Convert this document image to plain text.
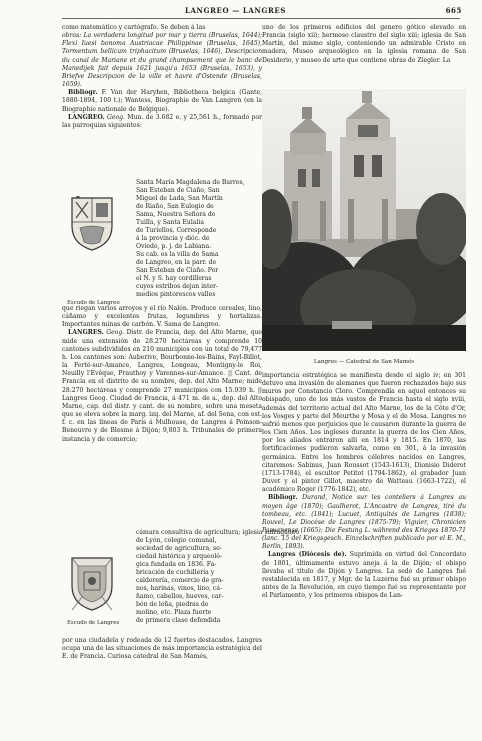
LANGREO — LANGRES	665

como matemático y cartógrafo. Se deben á las

obras: La verdadera longitud por mar y tierra (Bruselas, 1644); Flexi Iuesi bonoma Austriacae Philippinae (Bruselas, 1645), Tormentum bellicum triphacitum (Bruselas, 1646), Descripcion du canal de Mariane et du grand champsement que le banc de Manedijek fait depuis 1621 jusqu'a 1653 (Bruselas, 1653), y Briefve Descripcion de la ville et havre d'Ostende (Bruselas, 1659).

Bibliogr. F. Van der Haryhen, Bibliotheca belgica (Gante, 1880-1894, 100 t.); Wantess, Biographie de Van Langren (en la Biographie nationale de Belgique).

LANGREO. Geog. Mun. de 3.682 e. y 25,561 h., formado por las parroquias siguientes:

Escudo de Langreo
Santa María Magdalena de Barros,
San Esteban de Ciaño, San
Miguel de Lada, San Martín
de Riaño, San Eulogio de
Sama, Nuestra Señora de
Tuilla, y Santa Eulalia
de Turiellos. Corresponde
á la provincia y dióc. de
Oviedo, p. j. de Labiana.
Su cab. es la villa de Sama
de Langreo, en la parr. de
San Esteban de Ciaño. Por
el N. y S. hay cordilleras
cuyos estribos dejan inter-
medios pintorescos valles

que riegan varios arroyos y el río Nalón. Produce cereales, lino, cáñamo y excelentes frutas, legumbres y hortalizas. Importantes minas de carbón. V. Sama de Langreo.

LANGRES. Geog. Distr. de Francia, dep. del Alto Marne, que mide una extensión de 28.270 hectáreas y comprende 10 cantones subdivididos en 210 municipios con un total de 79,477 h. Los cantones son: Auberive, Bourbonne-les-Bains, Fayl-Billot, la Ferté-sur-Amance, Langres, Longeau, Montigny-le Roi, Neuilly l'Evêque, Prauthoy y Varennes-sur-Amance. || Cant. de Francia en el distrito de su nombre, dep. del Alto Marne; mide 28.270 hectáreas y comprende 27 municipios con 15.939 h. || Langres Geog. Ciudad de Francia, á 471 m. de a., dep. del Alto Marne, cap. del distr. y cant. de su nombre, sobre una meseta que se eleva sobre la marg. izq. del Marne, af. del Sena, con est. f. c. en las líneas de París á Mulhouse, de Langres á Poinson-Beneuvre y de Blesme á Dijón; 9,803 h. Tribunales de primera instancia y de comercio;

cámara consultiva de agricultura; iglesia sufragáneo
de Lyón, colegio comunal,
sociedad de agricultura, so-
ciedad histórica y arqueoló-
gica fundada en 1836. Fa-
bricación de cuchillería y
calderería, comercio de gra-
nos, harinas, vinos, lino, cá-
ñamo, cabellos, hueves, car-
bón de leña, piedras de
molino, etc. Plaza fuerte
de primera clase defendida
Escudo de Langres

por una ciudadela y rodeada de 12 fuertes destacados. Langres ocupa una de las situaciones de más importancia estratégica del E. de Francia. Curiosa catedral de San Mamés,

uno de los primeros edificios del genero gótico elevado en Francia (siglo xii); hermoso claustro del siglo xiii; iglesia de San Martín, del mismo siglo, conteniendo un admirable Cristo en madera, Museo arqueológico en la iglesia romana de San Desiderio, y museo de arte que contiene obras de Ziegler. La

Langres — Catedral de San Mamés

importancia estratégica se manifiesta desde el siglo iv; en 301 detuvo una invasión de alemanes que fueron rechazados bajo sus muros por Constancio Cloro. Comprendía en aquel entonces su obispado, uno de los más vastos de Francia hasta el siglo xviii, además del territorio actual del Alto Marne, los de la Côte d'Or, los Vosges y parte del Meurthe y Mosa y el de Mosa. Langres no sufrió menos que perjuicios que le causaron durante la guerra de los Cien Años. Los ingleses durante la guerra de los Cien Años, por los aliados entraron allí en 1814 y 1815. En 1870, las fortificaciones pudieron salvarla, como en 301, á la invasión germánica. Entre los hombres célebres nacidos en Langres, citaremos: Sabinus, Juan Roussot (1543-1613), Dionisio Diderot (1713-1784), el escultor Petitot (1794-1862), el grabador Juan Duvet y el pintor Gillot, maestro de Watteau (1663-1722), el académico Roger (1776-1842), etc.

Bibliogr. Durand, Notice sur les conteliers á Langres au moyen âge (1870); Gaulherot, L'Ancastre de Langres, tiré du tombeau, etc. (1841); Lucuet, Antiquités de Langres (1838); Rouvel, Le Diocèse de Langres (1875-79); Viguier, Chronicien Pasuanense (1665); Die Festung L. während des Krieges 1870-71 (lanc. 15 del Kriegsgesch. Einzelschriften publicado por el E. M., Berlín, 1893).

Langres (Diócesis de). Suprimida en virtud del Concordato de 1801, últimamente estuvo aneja á la de Dijón; el obispo llevaba el título de Dijón y Langres. La sede de Langres fué restablecida en 1817, y Mgr. de la Luzerne fué su primer obispo antes de la Revolución, en cuyo tiempo fué su representante por el Parlamento, y los primeros obispos de Lan-
